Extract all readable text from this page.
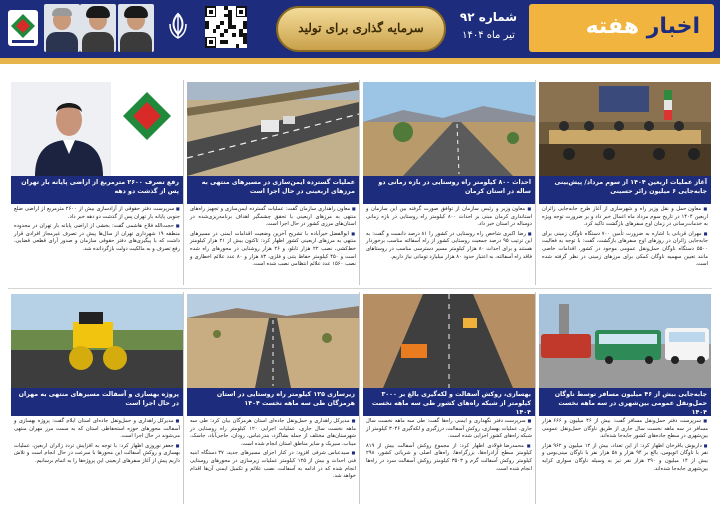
اخبار هفته
شماره ۹۲
تیر ماه ۱۴۰۴
سرمایه گذاری برای تولید
آغاز عملیات اربعین ۱۴۰۴ از سوم مرداد/ پیش‌بینی جابه‌جایی ۶ میلیون زائر حسینی

■ معاون حمل و نقل وزیر راه و شهرسازی از آغاز طرح جابه‌جایی زائران اربعین ۱۴۰۴ در تاریخ سوم مرداد ماه اعمال خبر داد و بر ضرورت توجه ویژه به خدمات‌رسانی در زمان اوج سفرهای بازگشت تاکید کرد.

■ مهران قربانی با اشاره به ضرورت تأمین ۷۰۰ دستگاه ناوگان زمینی برای جابه‌جایی زائران در روزهای اوج سفرهای بازگشت، گفت: با توجه به فعالیت ۵۵۰۰ دستگاه ناوگان حمل‌ونقل عمومی موجود در کشور، اقدامات خاصی مانند تعیین سهمیه ناوگان کمکی برای مرزهای زمینی در نظر گرفته شده است.

احداث ۸۰۰ کیلومتر راه روستایی در بازه زمانی دو ساله در استان کرمان

■ معاون وزیر و رئیس سازمان از توافق صورت گرفته بین این سازمان و استانداری کرمان مبنی بر احداث ۸۰۰ کیلومتر راه روستایی در بازه زمانی دوساله در استان خبر داد.

■ رضا اکبری شاخص راه روستایی در کشور را ۸۱ درصد دانست و گفت: به این ترتیب ۹۵ درصد جمعیت روستایی کشور از راه آسفالته مناسب برخوردار هستند و برای احداث ۸۰ هزار کیلومتر مسیر دسترسی مناسب در روستاهای فاقد راه آسفالته، به اعتبار حدود ۸۰ هزار میلیارد تومانی نیاز داریم.

عملیات گسترده ایمن‌سازی در مسیرهای منتهی به مرزهای اربعینی در حال اجرا است

■ معاون راهداری سازمان گفت: عملیات گسترده ایمن‌سازی و تجهیز راه‌های منتهی به مرزهای اربعینی با تحقق چشمگیر اهداف برنامه‌ریزی‌شده در استان‌های مرزی کشور در حال اجرا است.

■ ابوالفضل خیرآباده با تشریح آخرین وضعیت اقدامات ایمنی در مسیرهای منتهی به مرزهای اربعینی کشور اظهار کرد: تاکنون بیش از ۲۱ هزار کیلومتر خط‌کشی، نصب ۲۲ هزار تابلو، و ۲۶ هزار روشنایی در محورهای راه شده است و ۴۵۰ کیلومتر حفاظ بتنی و فلزی، ۸۳ هزار و ۸۰ عدد علائم اخطاری و نصب ۱۵۶۰ عدد علائم انتظامی نصب شده است.

رفع تصرف ۲۶۰۰ مترمربع از اراضی پایانه بار تهران پس از گذشت دو دهه

■ سرپرست دفتر حقوقی از آزادسازی بیش از ۲۶۰۰ مترمربع از اراضی ضلع جنوبی پایانه بار تهران پس از گذشت دو دهه خبر داد.

■ حجت‌الله فلاح هاشمی گفت: بخشی از اراضی پایانه بار تهران در محدوده منطقه ۱۹ شهرداری تهران از سال‌ها پیش در تصرف غیرمجاز افرادی قرار داشت که با پیگیری‌های دفتر حقوقی سازمان و صدور آرای قطعی قضایی، رفع تصرف و به مالکیت دولت بازگردانده شد.

جابه‌جایی بیش از ۴۶ میلیون مسافر توسط ناوگان حمل‌ونقل عمومی بین‌شهری در سه ماهه نخست ۱۴۰۴

■ سرپرست دفتر حمل‌ونقل مسافر گفت: بیش از ۴۶ میلیون و ۶۶۶ هزار مسافر در سه ماهه نخست سال جاری از طریق ناوگان حمل‌ونقل عمومی بین‌شهری در سطح جاده‌های کشور جابه‌جا شده‌اند.

■ داریوش باقرخان اظهار کرد: از این تعداد، بیش از ۱۲ میلیون و ۹۶۲ هزار نفر با ناوگان اتوبوس، بالغ بر ۹۴ هزار و ۵۸ هزار نفر با ناوگان مینی‌بوس و بیش از ۱۴ میلیون و ۲۹۰ هزار نفر نیز به وسیله ناوگان سواری کرایه بین‌شهری جابه‌جا شده‌اند.

بهسازی، روکش آسفالت و لکه‌گیری بالغ بر ۳۰۰۰ کیلومتر از شبکه راه‌های کشور طی سه ماهه نخست ۱۴۰۴

■ سرپرست دفتر نگهداری و ایمنی راه‌ها گفت: طی سه ماهه نخست سال جاری، عملیات بهسازی، روکش آسفالت، درزگیری و لکه‌گیری ۳۰۴۶ کیلومتر از شبکه راه‌های کشور اجرایی شده است.

■ محمدرضا فولادی اظهار کرد: از مجموع روکش آسفالت بیش از ۸۱۹ کیلومتر سطح آزادراه‌ها، بزرگراه‌ها، راه‌های اصلی و شریانی کشور، ۲۹۸ کیلومتر روکش آسفالت گرم و ۳۵۰۳ کیلومتر روکش آسفالت سرد در راه‌ها انجام شده است.

زیرسازی ۱۲۵ کیلومتر راه روستایی در استان هرمزگان طی سه ماهه نخست ۱۴۰۴

■ مدیرکل راهداری و حمل‌ونقل جاده‌ای استان هرمزگان بیان کرد: طی سه ماهه نخست سال جاری، عملیات اجرایی ۱۲۰ کیلومتر راه روستایی در شهرستان‌های مختلف از جمله بشاگرد، بندرعباس، رودان، حاجی‌آباد، جاسک، میناب، سیریک و سایر مناطق استان انجام شده است.

■ سیدعباس شرفی افزود: در کنار اجرای مسیرهای جدید، ۳۷ دستگاه ابنیه فنی احداث و بیش از ۱۲۵ کیلومتر عملیات زیرسازی در محورهای روستایی انجام شده که در ادامه به آسفالت، نصب علائم و تکمیل ایمنی آن‌ها اقدام خواهد شد.

پروژه بهسازی و آسفالت مسیرهای منتهی به مهران در حال اجرا است

■ مدیرکل راهداری و حمل‌ونقل جاده‌ای استان ایلام گفت: پروژه بهسازی و آسفالت محورهای حوزه استحفاظی استان که به سمت مرز مهران منتهی می‌شوند در حال اجرا است.

■ جعفر نوروزی اظهار کرد: با توجه به افزایش تردد زائران اربعین، عملیات بهسازی و روکش آسفالت این محورها با سرعت در حال انجام است و تلاش داریم پیش از آغاز سفرهای اربعینی این پروژه‌ها را به اتمام برسانیم.
